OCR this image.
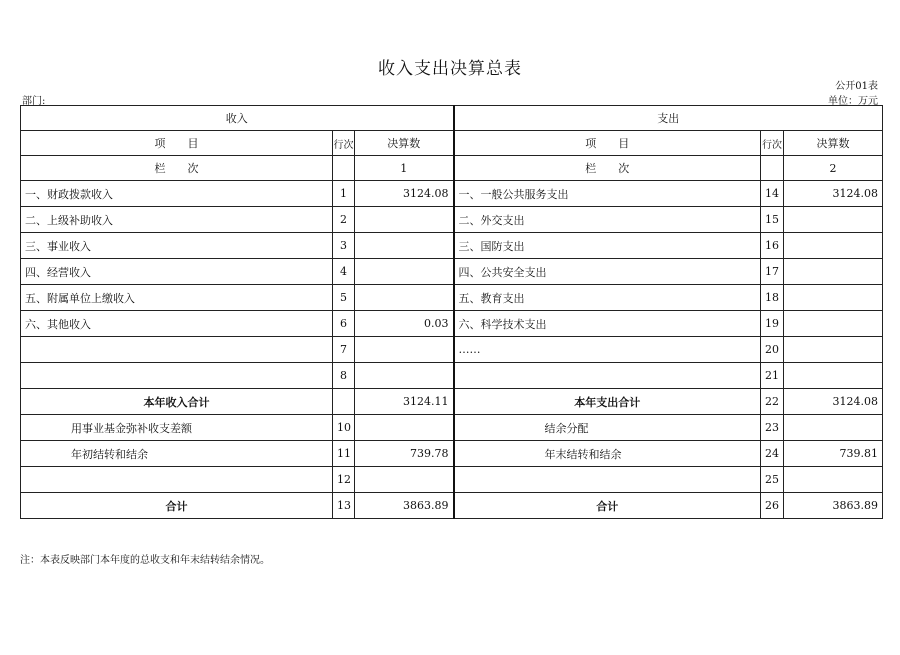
收入支出决算总表
公开01表
部门:	单位：万元
收入			支出		
项　　目	行次	决算数	项　　目	行次	决算数
栏　　次		1	栏　　次		2
一、财政拨款收入	1	3124.08	一、一般公共服务支出	14	3124.08
二、上级补助收入	2		二、外交支出	15	
三、事业收入	3		三、国防支出	16	
四、经营收入	4		四、公共安全支出	17	
五、附属单位上缴收入	5		五、教育支出	18	
六、其他收入	6	0.03	六、科学技术支出	19	
	7		……	20	
	8			21	
本年收入合计		3124.11	本年支出合计	22	3124.08
用事业基金弥补收支差额	10		结余分配	23	
年初结转和结余	11	739.78	年末结转和结余	24	739.81
	12			25	
合计	13	3863.89	合计	26	3863.89
注：本表反映部门本年度的总收支和年末结转结余情况。
